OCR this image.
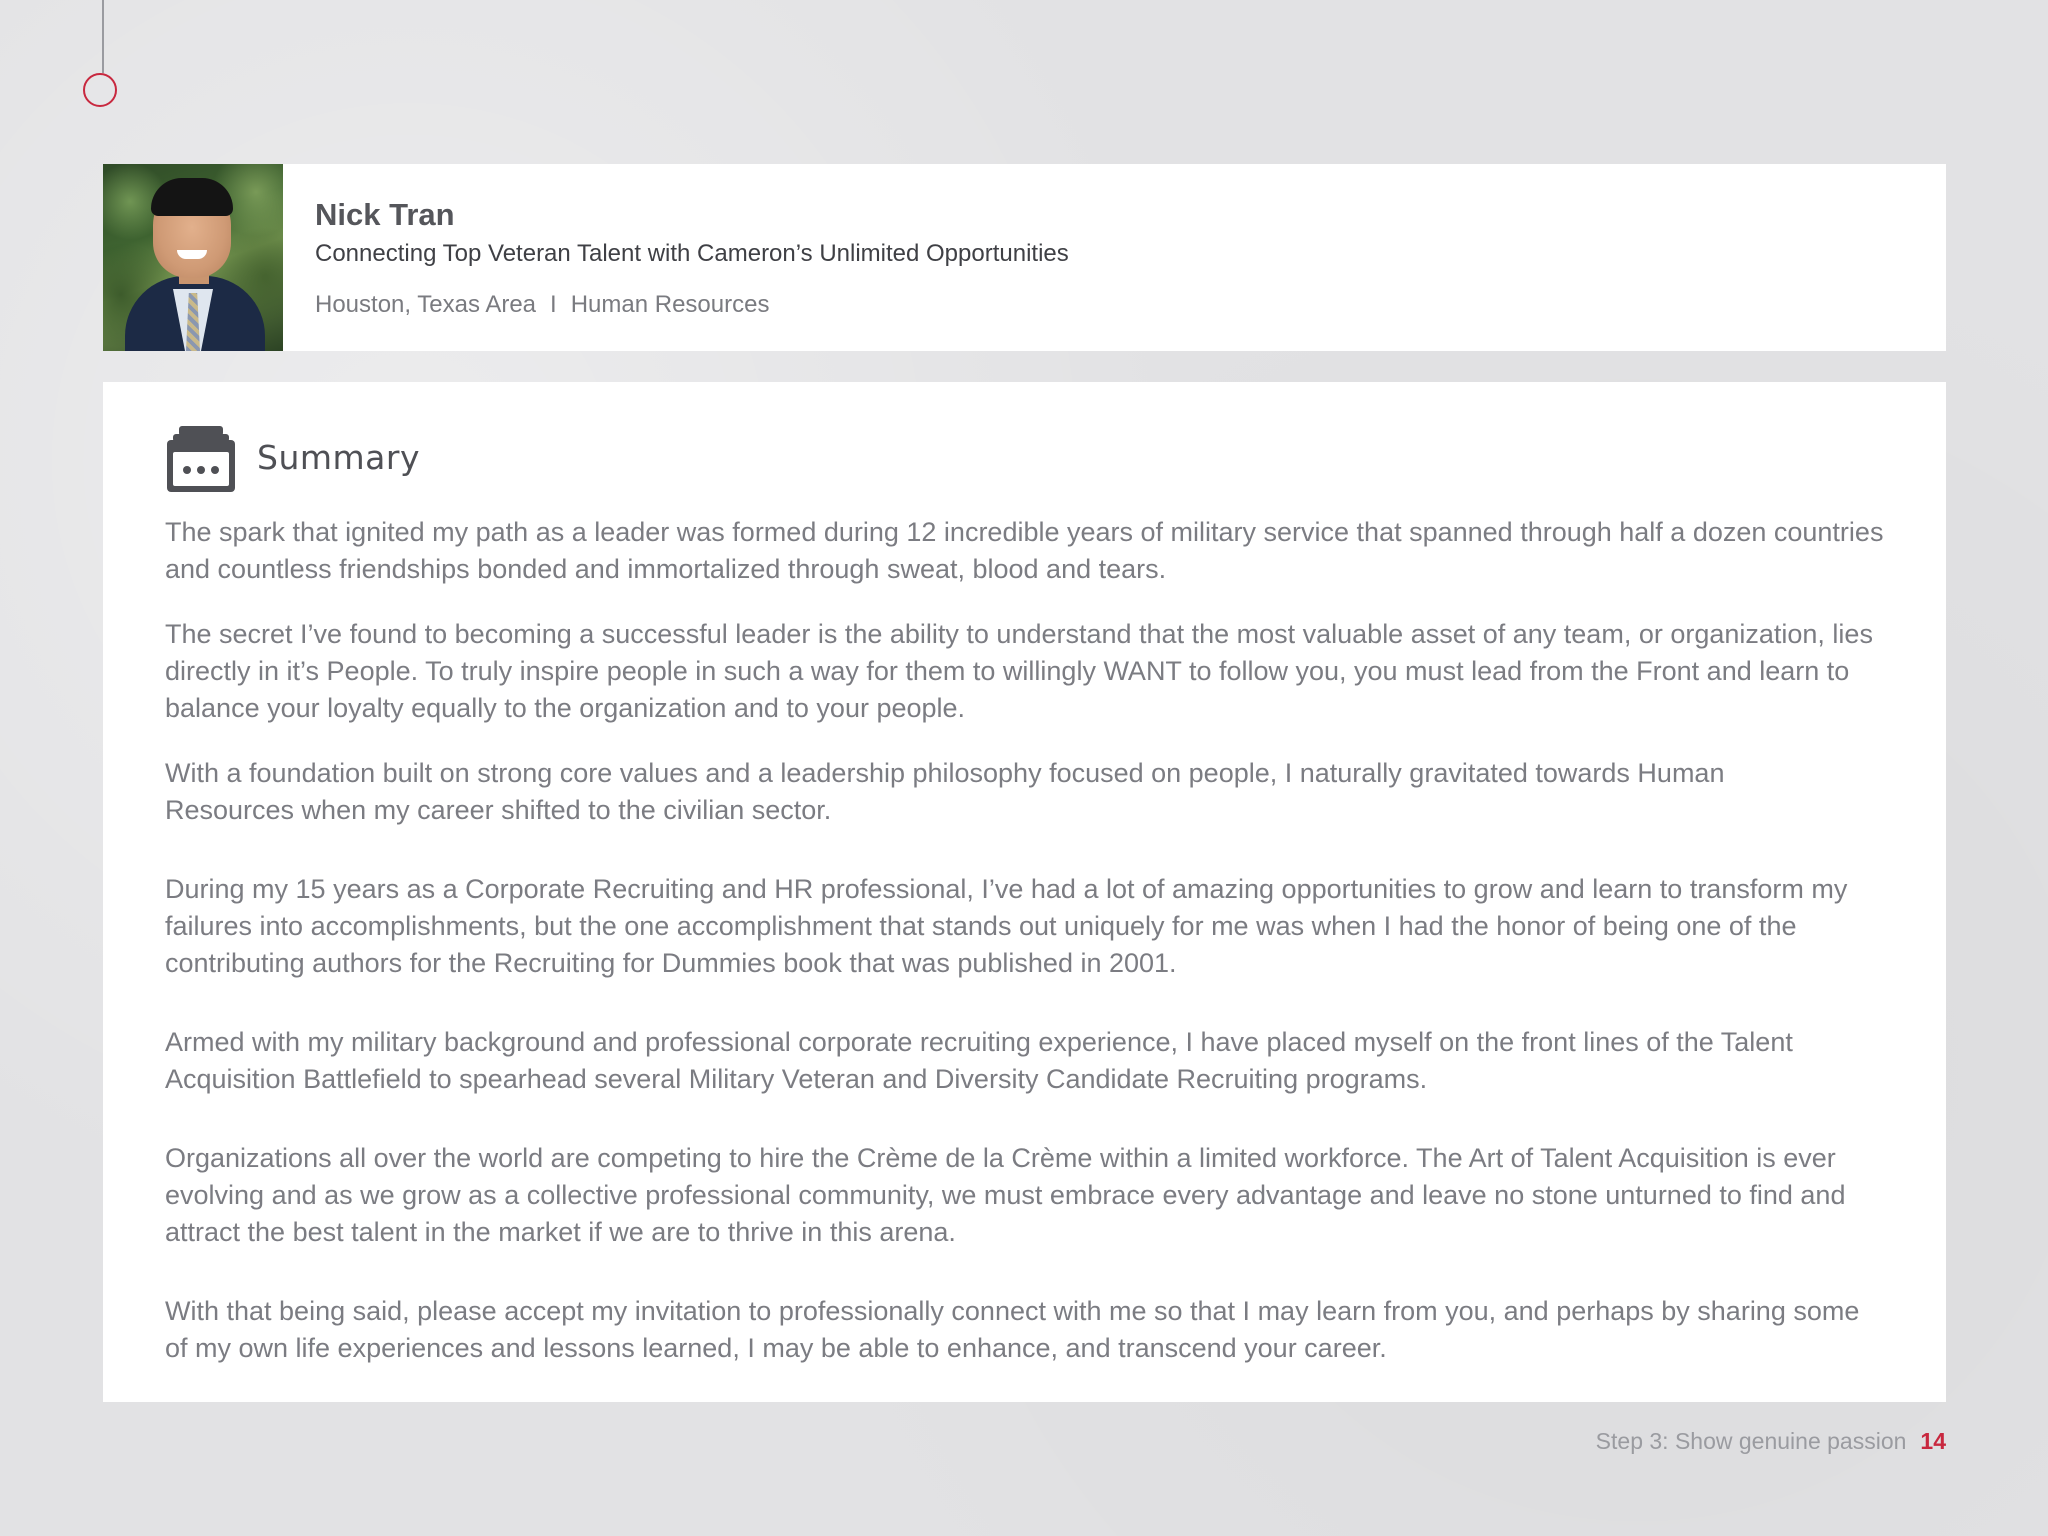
Nick Tran
Connecting Top Veteran Talent with Cameron’s Unlimited Opportunities
Houston, Texas Area I Human Resources
Summary

The spark that ignited my path as a leader was formed during 12 incredible years of military service that spanned through half a dozen countries and countless friendships bonded and immortalized through sweat, blood and tears.

The secret I’ve found to becoming a successful leader is the ability to understand that the most valuable asset of any team, or organization, lies directly in it’s People. To truly inspire people in such a way for them to willingly WANT to follow you, you must lead from the Front and learn to balance your loyalty equally to the organization and to your people.

With a foundation built on strong core values and a leadership philosophy focused on people, I naturally gravitated towards Human Resources when my career shifted to the civilian sector.

During my 15 years as a Corporate Recruiting and HR professional, I’ve had a lot of amazing opportunities to grow and learn to transform my failures into accomplishments, but the one accomplishment that stands out uniquely for me was when I had the honor of being one of the contributing authors for the Recruiting for Dummies book that was published in 2001.

Armed with my military background and professional corporate recruiting experience, I have placed myself on the front lines of the Talent Acquisition Battlefield to spearhead several Military Veteran and Diversity Candidate Recruiting programs.

Organizations all over the world are competing to hire the Crème de la Crème within a limited workforce. The Art of Talent Acquisition is ever evolving and as we grow as a collective professional community, we must embrace every advantage and leave no stone unturned to find and attract the best talent in the market if we are to thrive in this arena.

With that being said, please accept my invitation to professionally connect with me so that I may learn from you, and perhaps by sharing some of my own life experiences and lessons learned, I may be able to enhance, and transcend your career.

Step 3: Show genuine passion 14
